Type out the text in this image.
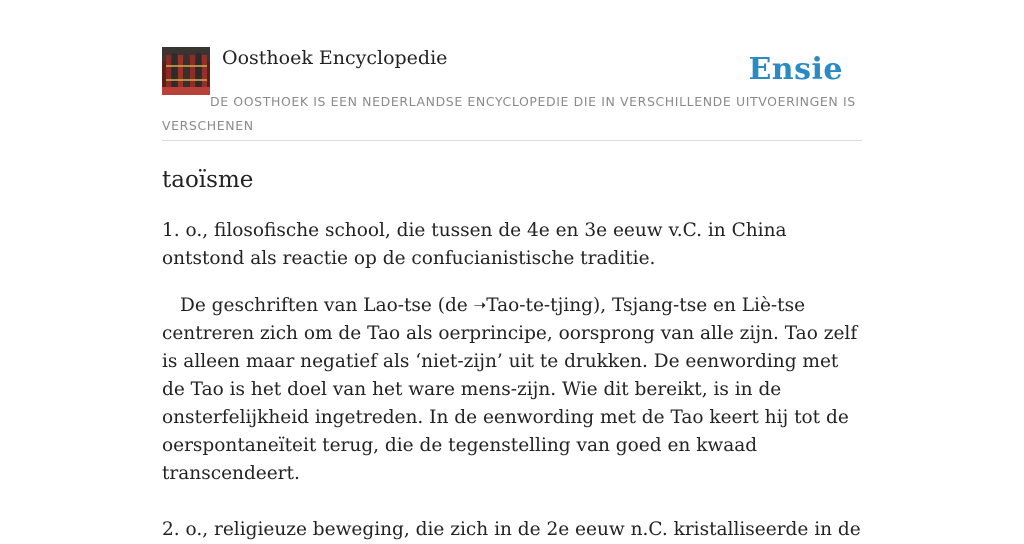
Oosthoek Encyclopedie	Ensie
DE OOSTHOEK IS EEN NEDERLANDSE ENCYCLOPEDIE DIE IN VERSCHILLENDE UITVOERINGEN IS VERSCHENEN
taoïsme

1. o., filosofische school, die tussen de 4e en 3e eeuw v.C. in China ontstond als reactie op de confucianistische traditie.

De geschriften van Lao-tse (de ➝Tao-te-tjing), Tsjang-tse en Liè-tse centreren zich om de Tao als oerprincipe, oorsprong van alle zijn. Tao zelf is alleen maar negatief als ‘niet-zijn’ uit te drukken. De eenwording met de Tao is het doel van het ware mens-zijn. Wie dit bereikt, is in de onsterfelijkheid ingetreden. In de eenwording met de Tao keert hij tot de oerspontaneïteit terug, die de tegenstelling van goed en kwaad transcendeert.

2. o., religieuze beweging, die zich in de 2e eeuw n.C. kristalliseerde in de
